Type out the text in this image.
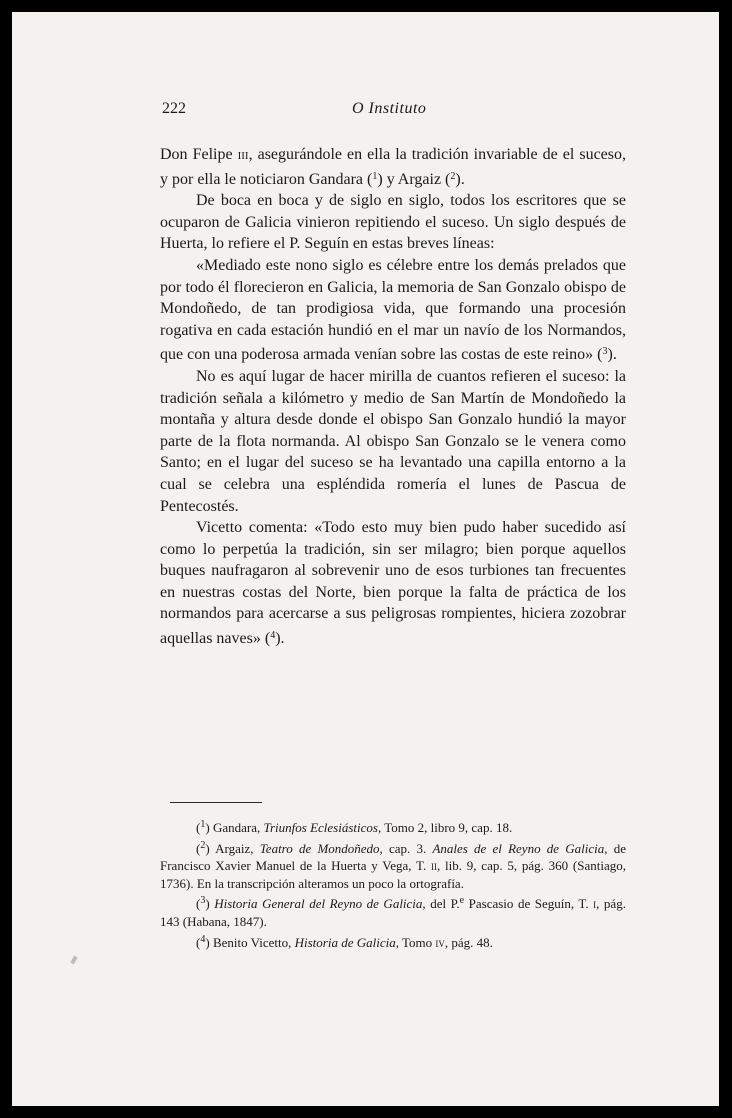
222	O Instituto

Don Felipe iii, asegurándole en ella la tradición invariable de el suceso, y por ella le noticiaron Gandara ($^1$) y Argaiz ($^2$).

De boca en boca y de siglo en siglo, todos los escritores que se ocuparon de Galicia vinieron repitiendo el suceso. Un siglo después de Huerta, lo refiere el P. Seguín en estas breves líneas:

«Mediado este nono siglo es célebre entre los demás prelados que por todo él florecieron en Galicia, la memoria de San Gonzalo obispo de Mondoñedo, de tan prodigiosa vida, que formando una procesión rogativa en cada estación hundió en el mar un navío de los Normandos, que con una poderosa armada venían sobre las costas de este reino» ($^3$).

No es aquí lugar de hacer mirilla de cuantos refieren el suceso: la tradición señala a kilómetro y medio de San Martín de Mondoñedo la montaña y altura desde donde el obispo San Gonzalo hundió la mayor parte de la flota normanda. Al obispo San Gonzalo se le venera como Santo; en el lugar del suceso se ha levantado una capilla entorno a la cual se celebra una espléndida romería el lunes de Pascua de Pentecostés.

Vicetto comenta: «Todo esto muy bien pudo haber sucedido así como lo perpetúa la tradición, sin ser milagro; bien porque aquellos buques naufragaron al sobrevenir uno de esos turbiones tan frecuentes en nuestras costas del Norte, bien porque la falta de práctica de los normandos para acercarse a sus peligrosas rompientes, hiciera zozobrar aquellas naves» ($^4$).

($^1$) Gandara, Triunfos Eclesiásticos, Tomo 2, libro 9, cap. 18.

($^2$) Argaiz, Teatro de Mondoñedo, cap. 3. Anales de el Reyno de Galicia, de Francisco Xavier Manuel de la Huerta y Vega, T. ii, lib. 9, cap. 5, pág. 360 (Santiago, 1736). En la transcripción alteramos un poco la ortografía.

($^3$) Historia General del Reyno de Galicia, del P.$^e$ Pascasio de Seguín, T. i, pág. 143 (Habana, 1847).

($^4$) Benito Vicetto, Historia de Galicia, Tomo iv, pág. 48.
